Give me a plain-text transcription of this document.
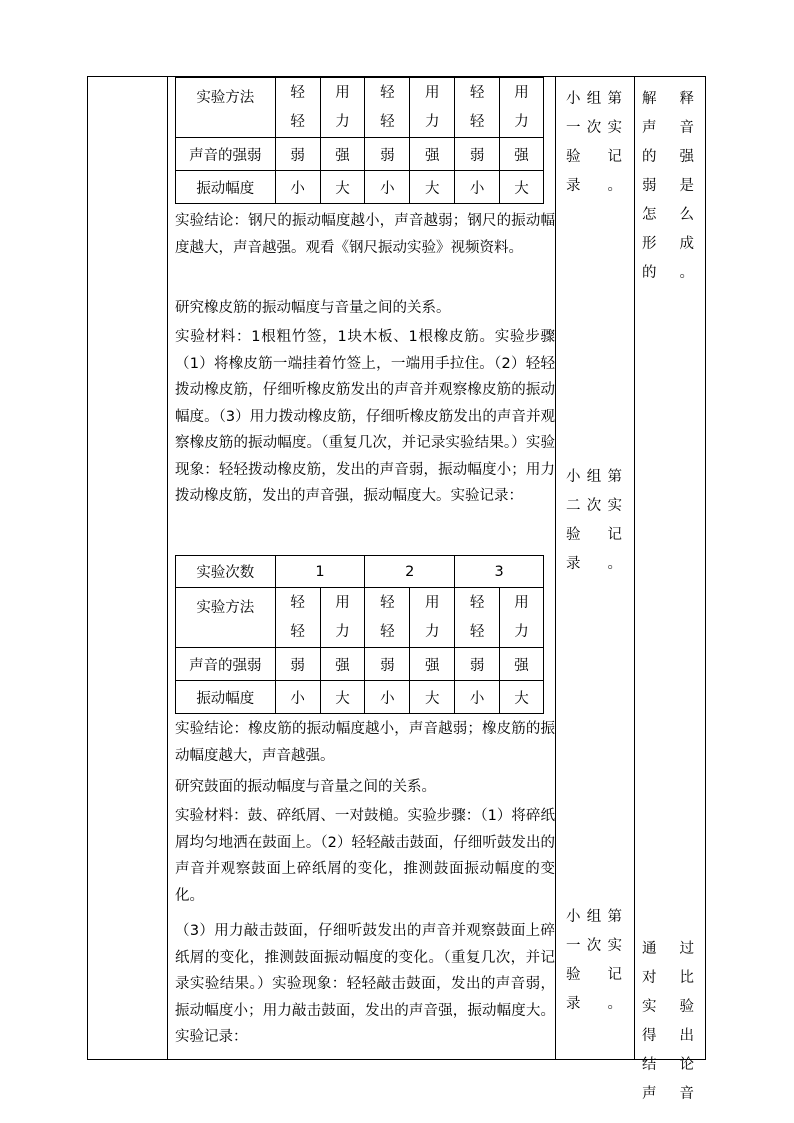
实验方法	轻轻	用力	轻轻	用力	轻轻	用力
声音的强弱	弱	强	弱	强	弱	强
振动幅度	小	大	小	大	小	大
实验结论：钢尺的振动幅度越小，声音越弱；钢尺的振动幅度越大，声音越强。观看《钢尺振动实验》视频资料。
研究橡皮筋的振动幅度与音量之间的关系。
实验材料：1根粗竹签，1块木板、1根橡皮筋。实验步骤 （1）将橡皮筋一端挂着竹签上，一端用手拉住。（2）轻轻拨动橡皮筋，仔细听橡皮筋发出的声音并观察橡皮筋的振动幅度。（3）用力拨动橡皮筋，仔细听橡皮筋发出的声音并观察橡皮筋的振动幅度。（重复几次，并记录实验结果。）实验现象：轻轻拨动橡皮筋，发出的声音弱，振动幅度小；用力拨动橡皮筋，发出的声音强，振动幅度大。实验记录：
实验次数	1		2		3	
实验方法	轻轻	用力	轻轻	用力	轻轻	用力
声音的强弱	弱	强	弱	强	弱	强
振动幅度	小	大	小	大	小	大
实验结论：橡皮筋的振动幅度越小，声音越弱；橡皮筋的振动幅度越大，声音越强。
研究鼓面的振动幅度与音量之间的关系。
实验材料：鼓、碎纸屑、一对鼓槌。实验步骤：（1）将碎纸屑均匀地洒在鼓面上。（2）轻轻敲击鼓面，仔细听鼓发出的声音并观察鼓面上碎纸屑的变化，推测鼓面振动幅度的变化。
（3）用力敲击鼓面，仔细听鼓发出的声音并观察鼓面上碎纸屑的变化，推测鼓面振动幅度的变化。（重复几次，并记录实验结果。）实验现象：轻轻敲击鼓面，发出的声音弱，振动幅度小；用力敲击鼓面，发出的声音强，振动幅度大。实验记录：
小组第一次实验记录。
小组第二次实验记录。
小组第一次实验记录。
解释声音的强弱是怎么形成的。
通过对比实验得出结论 声音
